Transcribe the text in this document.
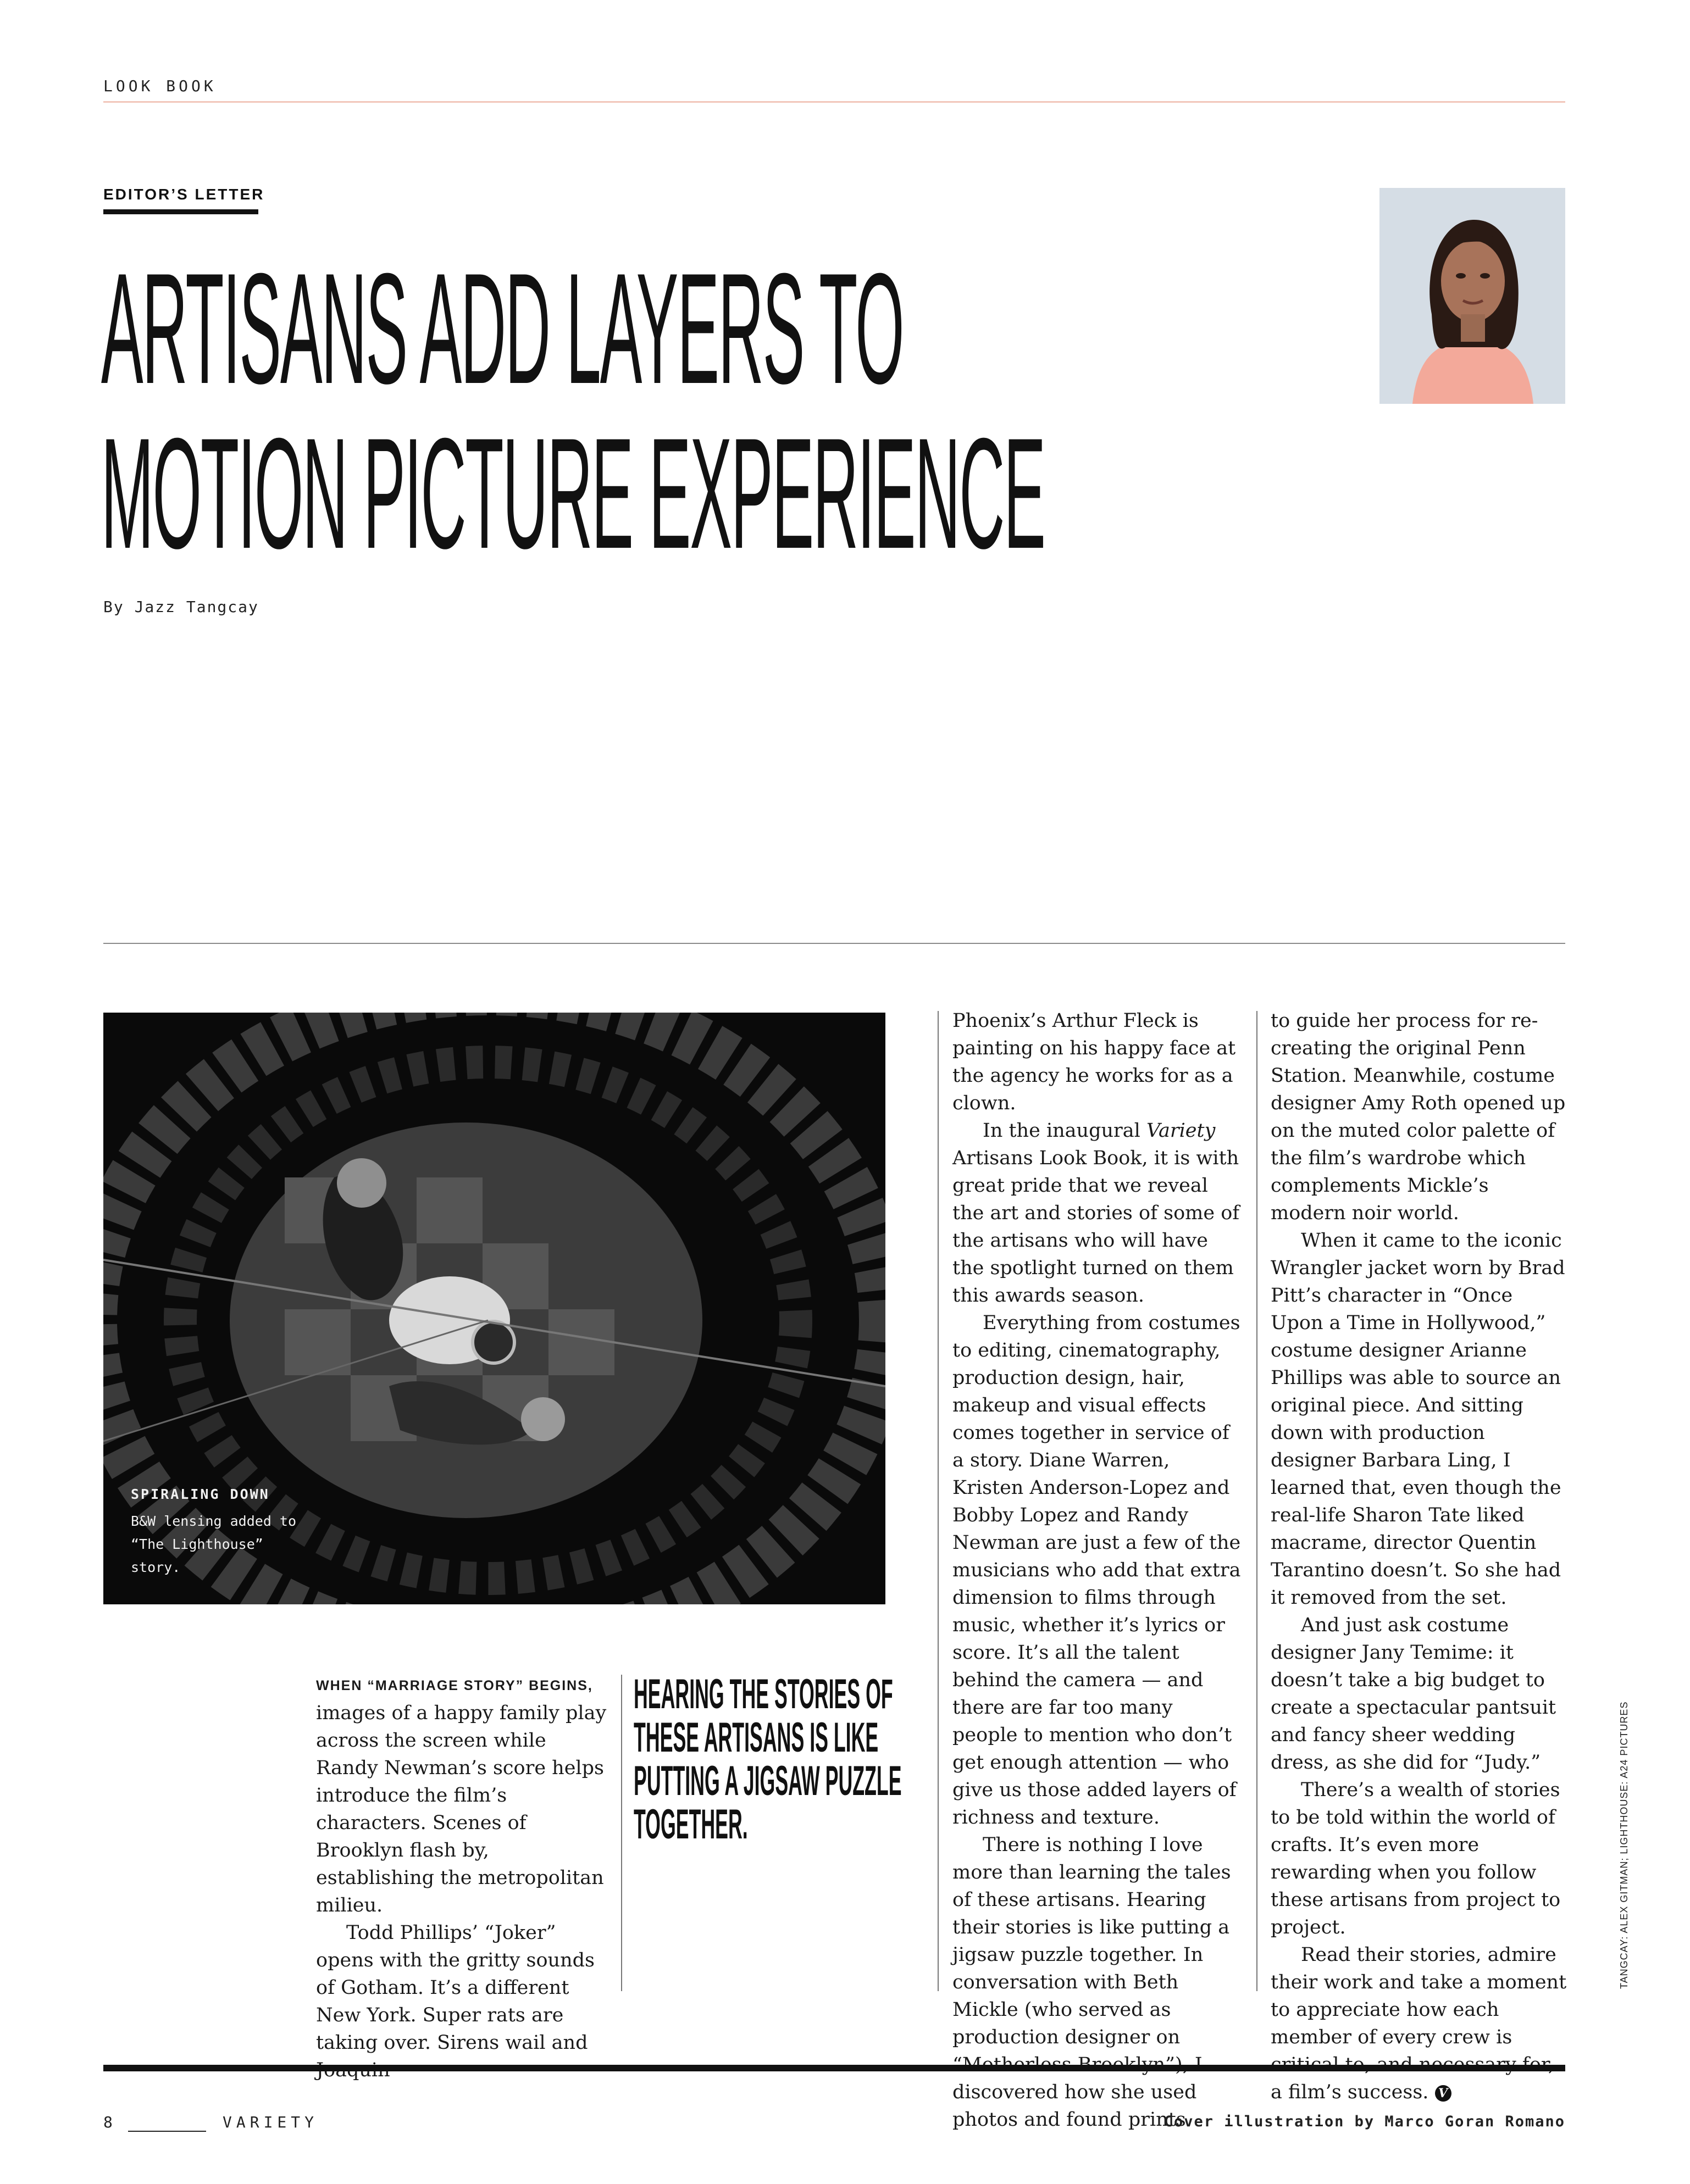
LOOK BOOK
EDITOR’S LETTER
ARTISANS ADD LAYERS TO
MOTION PICTURE EXPERIENCE
By Jazz Tangcay
SPIRALING DOWN
B&W lensing added to “The Lighthouse” story.

WHEN “MARRIAGE STORY” BEGINS, images of a happy family play across the screen while Randy Newman’s score helps introduce the film’s characters. Scenes of Brooklyn flash by, establishing the metropolitan milieu.

Todd Phillips’ “Joker” opens with the gritty sounds of Gotham. It’s a different New York. Super rats are taking over. Sirens wail and

HEARING THE STORIES OF THESE ARTISANS IS LIKE PUTTING A JIGSAW PUZZLE TOGETHER.

Phoenix’s Arthur Fleck is painting on his happy face at the agency he works for as a clown.

In the inaugural Variety Artisans Look Book, it is with great pride that we reveal the art and stories of some of the artisans who will have the spotlight turned on them this awards season.

Everything from costumes to editing, cinematography, production design, hair, makeup and visual effects comes together in service of a story. Diane Warren, Kristen Anderson-Lopez and Bobby Lopez and Randy Newman are just a few of the musicians who add that extra dimension to films through music, whether it’s lyrics or score. It’s all the talent behind the camera — and there are far too many people to mention who don’t get enough attention — who give us those added layers of richness and texture.

There is nothing I love more than learning the tales of these artisans. Hearing their stories is like putting a jigsaw puzzle together. In conversation with Beth Mickle (who served as production designer on discovered how she used photos and found prints

to guide her process for re-creating the original Penn Station. Meanwhile, costume designer Amy Roth opened up on the muted color palette of the film’s wardrobe which complements Mickle’s modern noir world.

When it came to the iconic Wrangler jacket worn by Brad Pitt’s character in “Once Upon a Time in Hollywood,” costume designer Arianne Phillips was able to source an original piece. And sitting down with production designer Barbara Ling, I learned that, even though the real-life Sharon Tate liked macrame, director Quentin Tarantino doesn’t. So she had it removed from the set.

And just ask costume designer Jany Temime: it doesn’t take a big budget to create a spectacular pantsuit and fancy sheer wedding dress, as she did for “Judy.”

There’s a wealth of stories to be told within the world of crafts. It’s even more rewarding when you follow these artisans from project to project.

Read their stories, admire their work and take a moment to appreciate how each member of every crew is a film’s success. V

TANGCAY: ALEX GITMAN; LIGHTHOUSE: A24 PICTURES
8	VARIETY	Cover illustration by Marco Goran Romano
